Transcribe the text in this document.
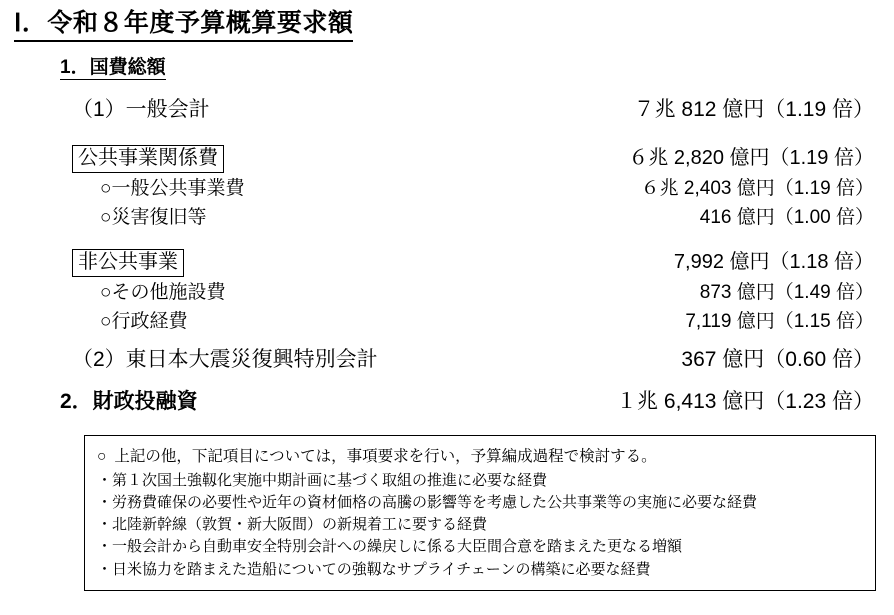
Ⅰ．令和８年度予算概算要求額
1．国費総額
（1）一般会計	７兆 812 億円（1.19 倍）
公共事業関係費	６兆 2,820 億円（1.19 倍）
○一般公共事業費	６兆 2,403 億円（1.19 倍）
○災害復旧等	416 億円（1.00 倍）
非公共事業	7,992 億円（1.18 倍）
○その他施設費	873 億円（1.49 倍）
○行政経費	7,119 億円（1.15 倍）
（2）東日本大震災復興特別会計	367 億円（0.60 倍）
2．財政投融資	１兆 6,413 億円（1.23 倍）
○ 上記の他，下記項目については，事項要求を行い，予算編成過程で検討する。
・第１次国土強靱化実施中期計画に基づく取組の推進に必要な経費
・労務費確保の必要性や近年の資材価格の高騰の影響等を考慮した公共事業等の実施に必要な経費
・北陸新幹線（敦賀・新大阪間）の新規着工に要する経費
・一般会計から自動車安全特別会計への繰戻しに係る大臣間合意を踏まえた更なる増額
・日米協力を踏まえた造船についての強靱なサプライチェーンの構築に必要な経費
